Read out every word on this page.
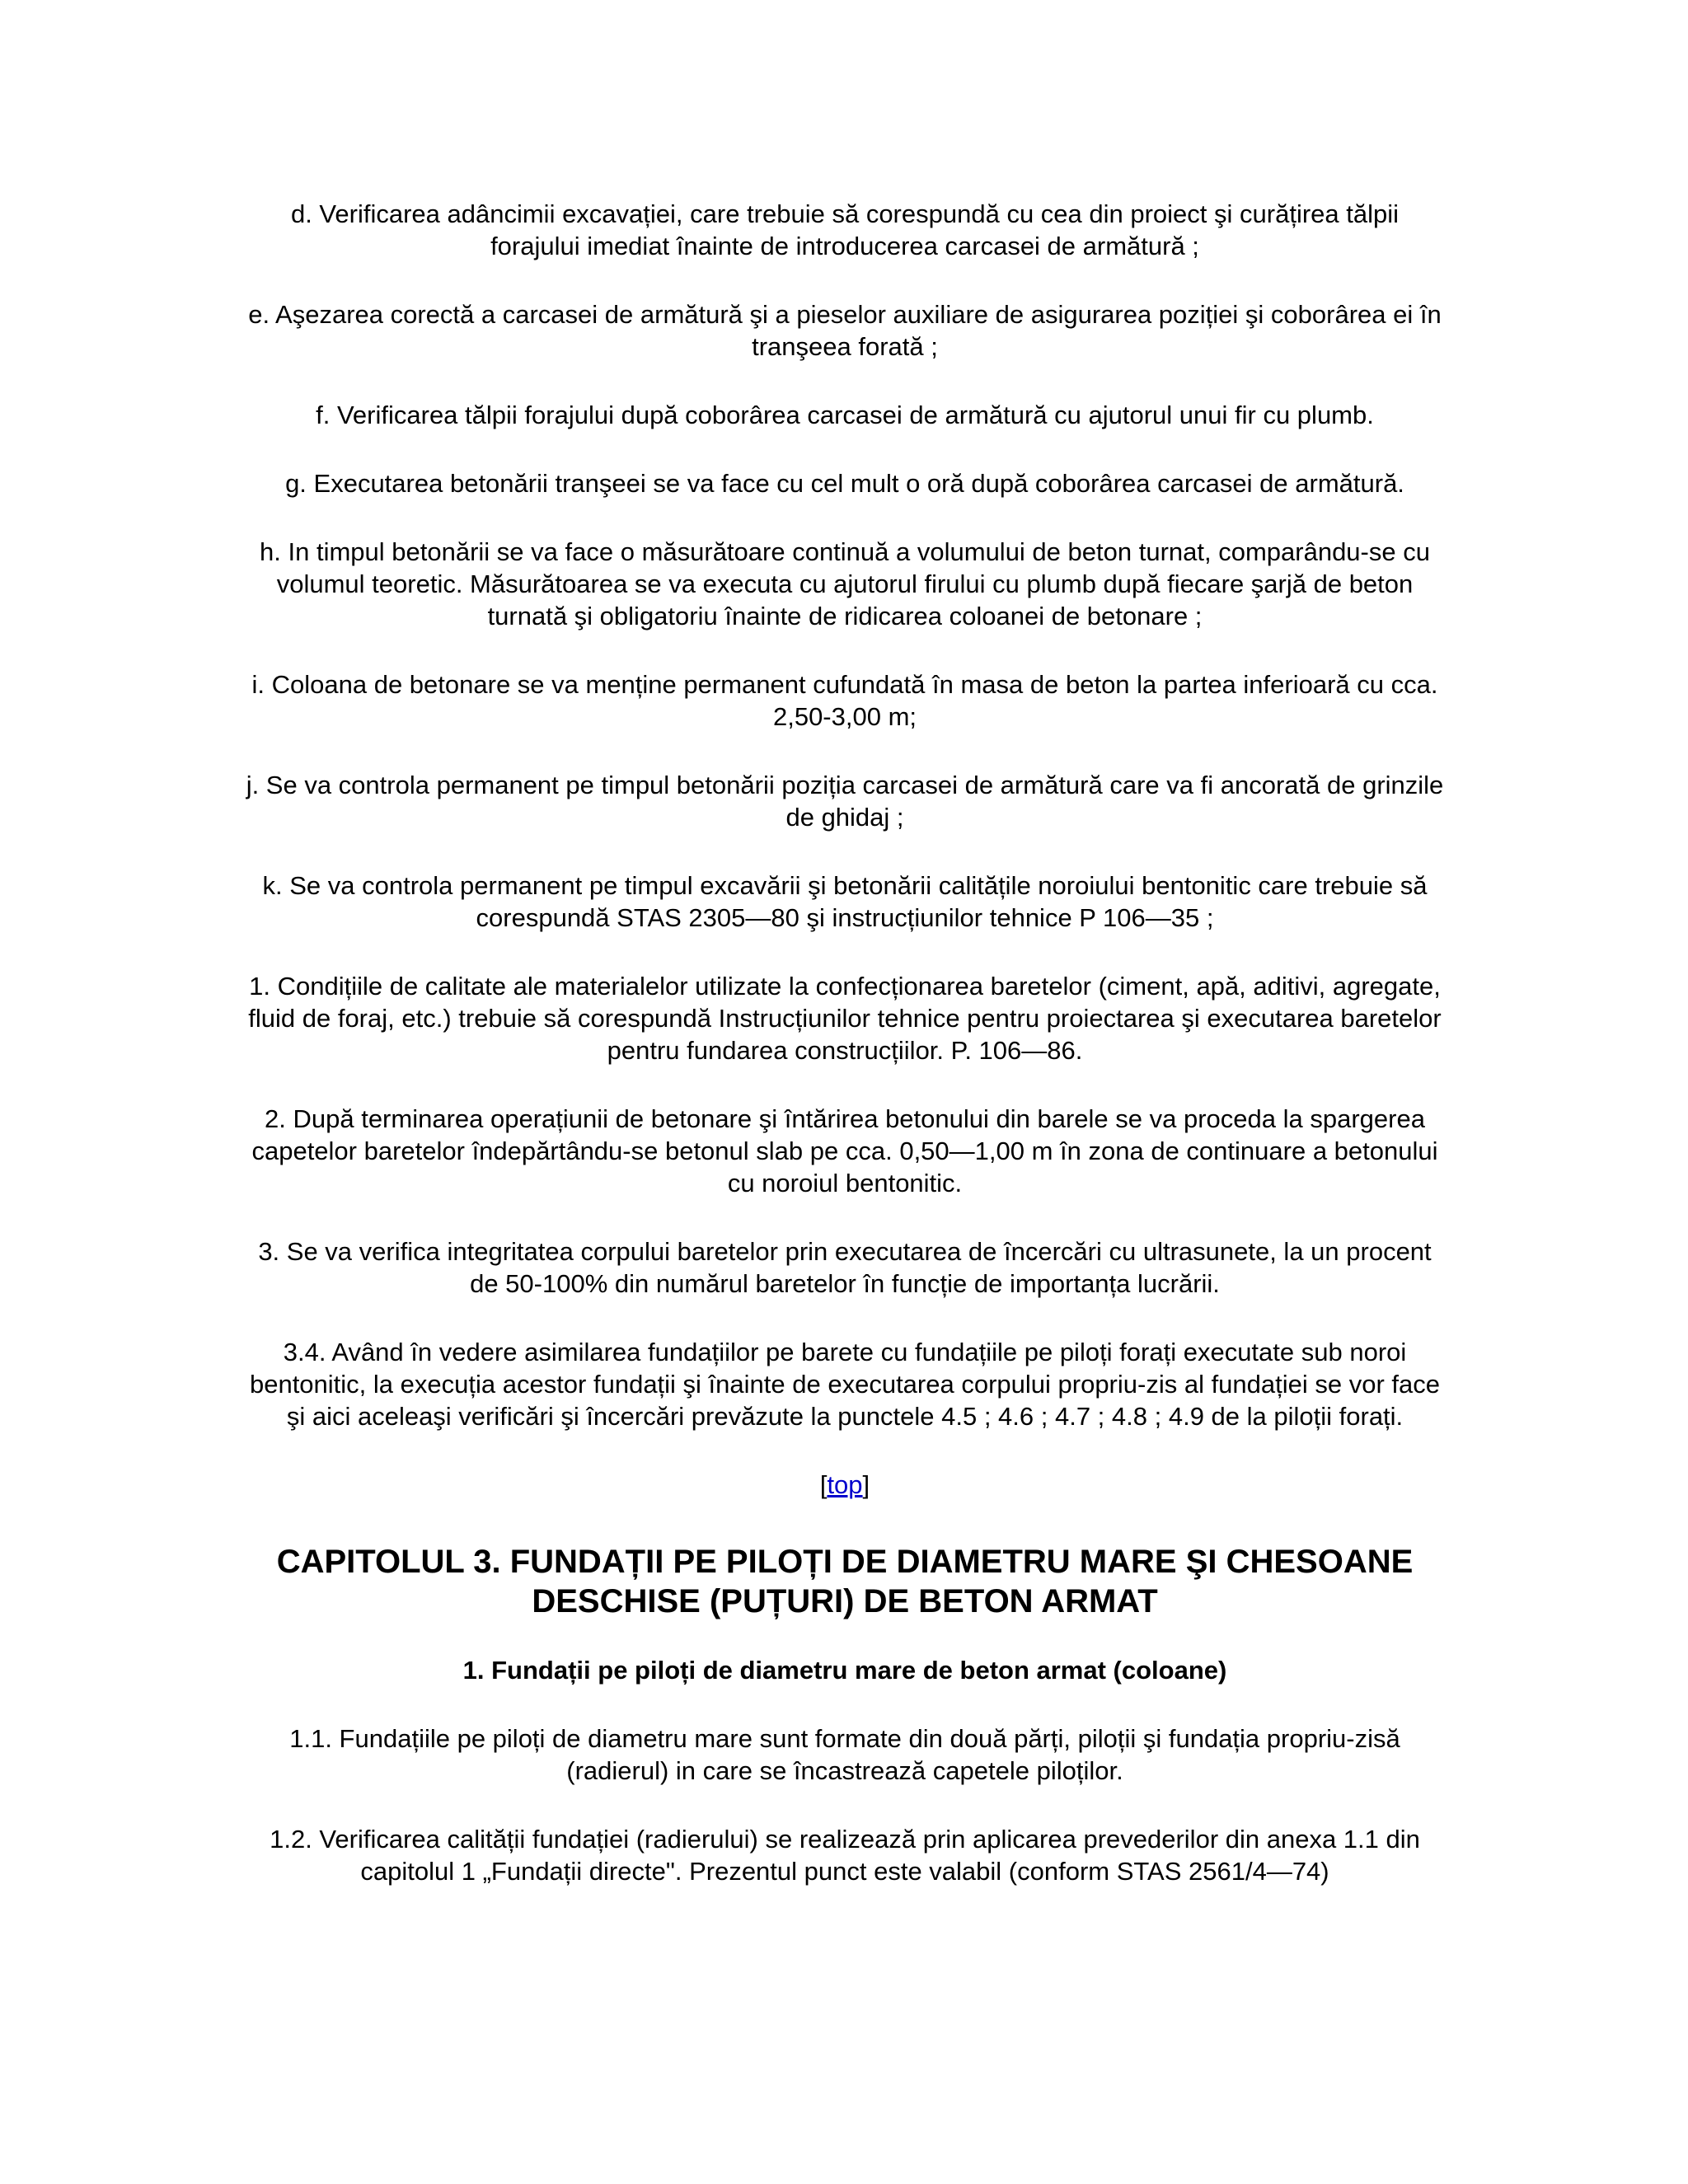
d. Verificarea adâncimii excavației, care trebuie să corespundă cu cea din proiect şi curățirea tălpii forajului imediat înainte de introducerea carcasei de armătură ;

e. Aşezarea corectă a carcasei de armătură şi a pieselor auxiliare de asigurarea poziției şi coborârea ei în tranşeea forată ;

f. Verificarea tălpii forajului după coborârea carcasei de armătură cu ajutorul unui fir cu plumb.

g. Executarea betonării tranşeei se va face cu cel mult o oră după coborârea carcasei de armătură.

h. In timpul betonării se va face o măsurătoare continuă a volumului de beton turnat, comparându-se cu volumul teoretic. Măsurătoarea se va executa cu ajutorul firului cu plumb după fiecare şarjă de beton turnată şi obligatoriu înainte de ridicarea coloanei de betonare ;

i. Coloana de betonare se va menține permanent cufundată în masa de beton la partea inferioară cu cca. 2,50-3,00 m;

j. Se va controla permanent pe timpul betonării poziția carcasei de armătură care va fi ancorată de grinzile de ghidaj ;

k. Se va controla permanent pe timpul excavării şi betonării calitățile noroiului bentonitic care trebuie să corespundă STAS 2305—80 şi instrucțiunilor tehnice P 106—35 ;

1. Condițiile de calitate ale materialelor utilizate la confecționarea baretelor (ciment, apă, aditivi, agregate, fluid de foraj, etc.) trebuie să corespundă Instrucțiunilor tehnice pentru proiectarea şi executarea baretelor pentru fundarea construcțiilor. P. 106—86.

2. După terminarea operațiunii de betonare şi întărirea betonului din barele se va proceda la spargerea capetelor baretelor îndepărtându-se betonul slab pe cca. 0,50—1,00 m în zona de continuare a betonului cu noroiul bentonitic.

3. Se va verifica integritatea corpului baretelor prin executarea de încercări cu ultrasunete, la un procent de 50-100% din numărul baretelor în funcție de importanța lucrării.

3.4. Având în vedere asimilarea fundațiilor pe barete cu fundațiile pe piloți forați executate sub noroi bentonitic, la execuția acestor fundații şi înainte de executarea corpului propriu-zis al fundației se vor face şi aici aceleaşi verificări şi încercări prevăzute la punctele 4.5 ; 4.6 ; 4.7 ; 4.8 ; 4.9 de la piloții forați.

[top]
CAPITOLUL 3. FUNDAȚII PE PILOȚI DE DIAMETRU MARE ŞI CHESOANE DESCHISE (PUȚURI) DE BETON ARMAT
1. Fundații pe piloți de diametru mare de beton armat (coloane)

1.1. Fundațiile pe piloți de diametru mare sunt formate din două părți, piloții şi fundația propriu-zisă (radierul) in care se încastrează capetele piloților.

1.2. Verificarea calității fundației (radierului) se realizează prin aplicarea prevederilor din anexa 1.1 din capitolul 1 „Fundații directe". Prezentul punct este valabil (conform STAS 2561/4—74)
